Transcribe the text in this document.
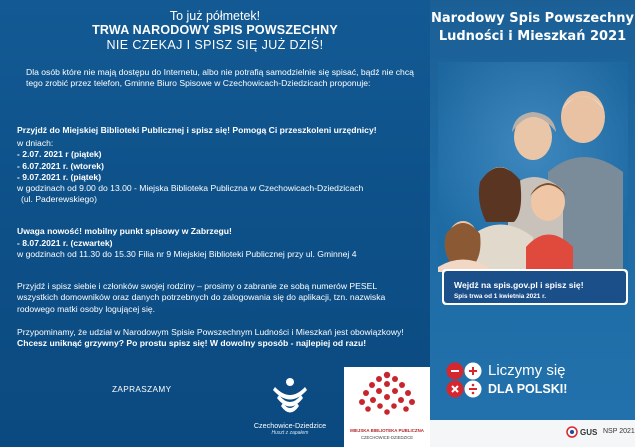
To już półmetek!
TRWA NARODOWY SPIS POWSZECHNY
NIE CZEKAJ I SPISZ SIĘ JUŻ DZIŚ!
Dla osób które nie mają dostępu do Internetu, albo nie potrafią samodzielnie się spisać, bądź nie chcą tego zrobić przez telefon, Gminne Biuro Spisowe w Czechowicach-Dziedzicach proponuje:
Przyjdź do Miejskiej Biblioteki Publicznej i spisz się! Pomogą Ci przeszkoleni urzędnicy!
w dniach:
- 2.07. 2021 r (piątek)
- 6.07.2021 r. (wtorek)
- 9.07.2021 r. (piątek)
w godzinach od 9.00 do 13.00 - Miejska Biblioteka Publiczna w Czechowicach-Dziedzicach
(ul. Paderewskiego)
Uwaga nowość! mobilny punkt spisowy w Zabrzegu!
- 8.07.2021 r. (czwartek)
w godzinach od 11.30 do 15.30 Filia nr 9 Miejskiej Biblioteki Publicznej przy ul. Gminnej 4
Przyjdź i spisz siebie i członków swojej rodziny – prosimy o zabranie ze sobą numerów PESEL wszystkich domowników oraz danych potrzebnych do zalogowania się do aplikacji, tzn. nazwiska rodowego matki osoby logującej się.
Przypominamy, że udział w Narodowym Spisie Powszechnym Ludności i Mieszkań jest obowiązkowy! Chcesz uniknąć grzywny? Po prostu spisz się! W dowolny sposób - najlepiej od razu!
ZAPRASZAMY
Czechowice-Dziedzice
Huszt z zapałem	MIEJSKA BIBLIOTEKA PUBLICZNA
CZECHOWICE-DZIEDZICE
Narodowy Spis Powszechny
Ludności i Mieszkań 2021
Wejdź na spis.gov.pl i spisz się!
Spis trwa od 1 kwietnia 2021 r.
Liczymy się
DLA POLSKI!
GUS NSP 2021
